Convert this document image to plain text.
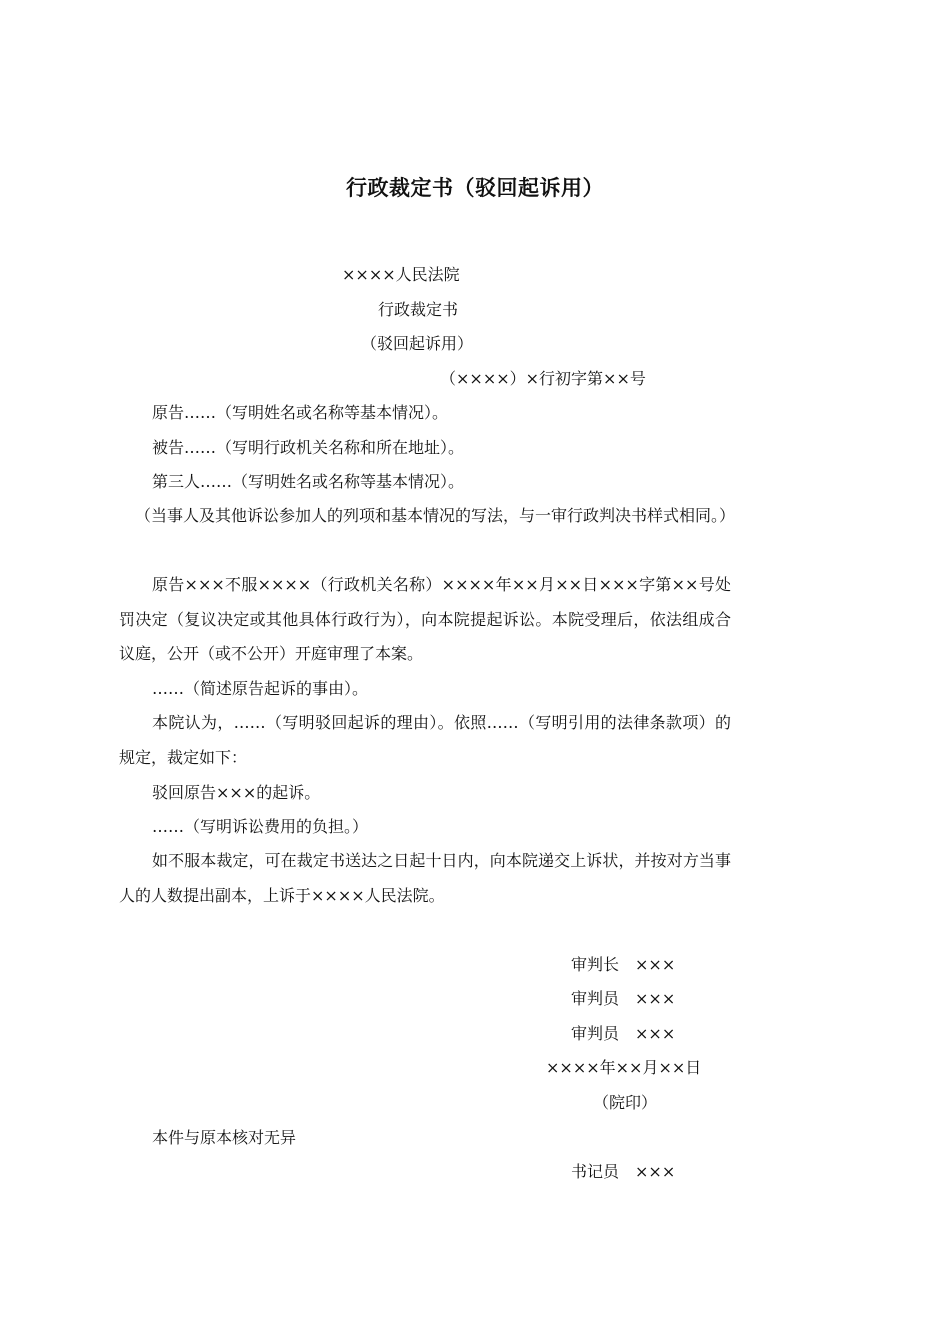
行政裁定书（驳回起诉用）
××××人民法院
行政裁定书
（驳回起诉用）
（××××）×行初字第××号
原告……（写明姓名或名称等基本情况）。
被告……（写明行政机关名称和所在地址）。
第三人……（写明姓名或名称等基本情况）。
（当事人及其他诉讼参加人的列项和基本情况的写法，与一审行政判决书样式相同。）
原告×××不服××××（行政机关名称）××××年××月××日×××字第××号处罚决定（复议决定或其他具体行政行为），向本院提起诉讼。本院受理后，依法组成合议庭，公开（或不公开）开庭审理了本案。
……（简述原告起诉的事由）。
本院认为，……（写明驳回起诉的理由）。依照……（写明引用的法律条款项）的规定，裁定如下：
驳回原告×××的起诉。
……（写明诉讼费用的负担。）
如不服本裁定，可在裁定书送达之日起十日内，向本院递交上诉状，并按对方当事人的人数提出副本，上诉于××××人民法院。
审判长　×××
审判员　×××
审判员　×××
××××年××月××日
（院印）
本件与原本核对无异
书记员　×××
